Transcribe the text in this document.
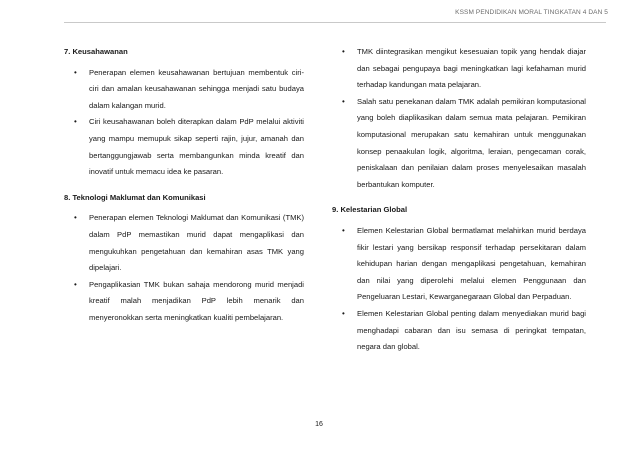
KSSM PENDIDIKAN MORAL TINGKATAN 4 DAN 5

7. Keusahawanan

• Penerapan elemen keusahawanan bertujuan membentuk ciri-ciri dan amalan keusahawanan sehingga menjadi satu budaya dalam kalangan murid.
• Ciri keusahawanan boleh diterapkan dalam PdP melalui aktiviti yang mampu memupuk sikap seperti rajin, jujur, amanah dan bertanggungjawab serta membangunkan minda kreatif dan inovatif untuk memacu idea ke pasaran.

8. Teknologi Maklumat dan Komunikasi

• Penerapan elemen Teknologi Maklumat dan Komunikasi (TMK) dalam PdP memastikan murid dapat mengaplikasi dan mengukuhkan pengetahuan dan kemahiran asas TMK yang dipelajari.
• Pengaplikasian TMK bukan sahaja mendorong murid menjadi kreatif malah menjadikan PdP lebih menarik dan menyeronokkan serta meningkatkan kualiti pembelajaran.
• TMK diintegrasikan mengikut kesesuaian topik yang hendak diajar dan sebagai pengupaya bagi meningkatkan lagi kefahaman murid terhadap kandungan mata pelajaran.
• Salah satu penekanan dalam TMK adalah pemikiran komputasional yang boleh diaplikasikan dalam semua mata pelajaran. Pemikiran komputasional merupakan satu kemahiran untuk menggunakan konsep penaakulan logik, algoritma, leraian, pengecaman corak, peniskalaan dan penilaian dalam proses menyelesaikan masalah berbantukan komputer.

9. Kelestarian Global

• Elemen Kelestarian Global bermatlamat melahirkan murid berdaya fikir lestari yang bersikap responsif terhadap persekitaran dalam kehidupan harian dengan mengaplikasi pengetahuan, kemahiran dan nilai yang diperolehi melalui elemen Penggunaan dan Pengeluaran Lestari, Kewarganegaraan Global dan Perpaduan.
• Elemen Kelestarian Global penting dalam menyediakan murid bagi menghadapi cabaran dan isu semasa di peringkat tempatan, negara dan global.
16
